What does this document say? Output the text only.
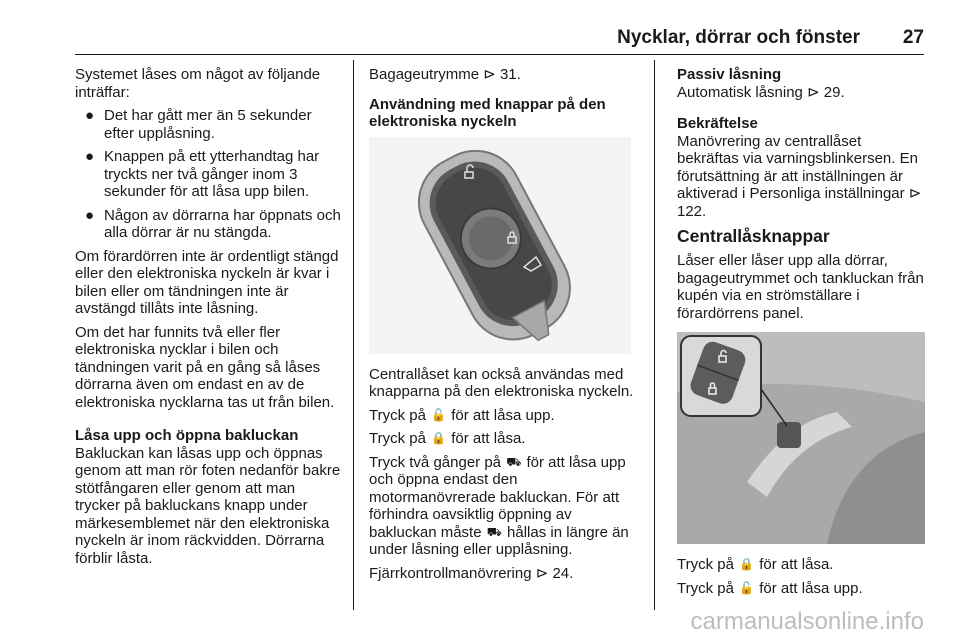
Nycklar, dörrar och fönster 27

Systemet låses om något av följande inträffar:

● Det har gått mer än 5 sekunder efter upplåsning.
● Knappen på ett ytterhandtag har tryckts ner två gånger inom 3 sekunder för att låsa upp bilen.
● Någon av dörrarna har öppnats och alla dörrar är nu stängda.

Om förardörren inte är ordentligt stängd eller den elektroniska nyckeln är kvar i bilen eller om tändningen inte är avstängd tillåts inte låsning.

Om det har funnits två eller fler elektroniska nycklar i bilen och tändningen varit på en gång så låses dörrarna även om endast en av de elektroniska nycklarna tas ut från bilen.

Låsa upp och öppna bakluckan

Bakluckan kan låsas upp och öppnas genom att man rör foten nedanför bakre stötfångaren eller genom att man trycker på bakluckans knapp under märkesemblemet när den elektroniska nyckeln är inom räckvidden. Dörrarna förblir låsta.

Bagageutrymme ⊳ 31.

Användning med knappar på den elektroniska nyckeln

Centrallåset kan också användas med knapparna på den elektroniska nyckeln.

Tryck på 🔓 för att låsa upp.

Tryck på 🔒 för att låsa.

Tryck två gånger på ⛟ för att låsa upp och öppna endast den motormanövrerade bakluckan. För att förhindra oavsiktlig öppning av bakluckan måste ⛟ hållas in längre än under låsning eller upplåsning.

Fjärrkontrollmanövrering ⊳ 24.

Passiv låsning

Automatisk låsning ⊳ 29.

Bekräftelse

Manövrering av centrallåset bekräftas via varningsblinkersen. En förutsättning är att inställningen är aktiverad i Personliga inställningar ⊳ 122.

Centrallåsknappar

Låser eller låser upp alla dörrar, bagageutrymmet och tankluckan från kupén via en strömställare i förardörrens panel.

Tryck på 🔒 för att låsa.

Tryck på 🔓 för att låsa upp.

carmanualsonline.info
